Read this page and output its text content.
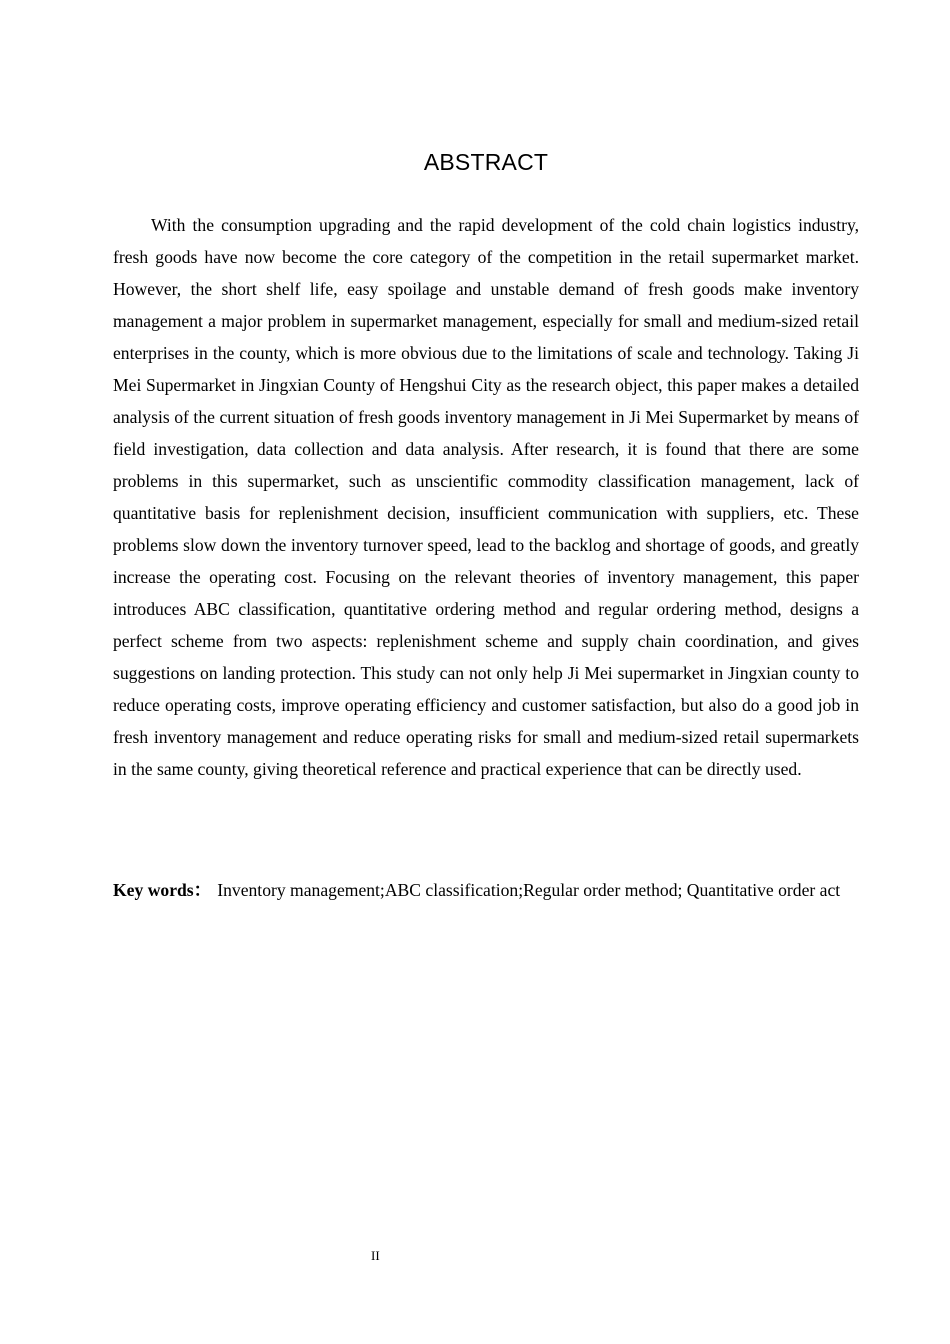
ABSTRACT

With the consumption upgrading and the rapid development of the cold chain logistics industry, fresh goods have now become the core category of the competition in the retail supermarket market. However, the short shelf life, easy spoilage and unstable demand of fresh goods make inventory management a major problem in supermarket management, especially for small and medium-sized retail enterprises in the county, which is more obvious due to the limitations of scale and technology. Taking Ji Mei Supermarket in Jingxian County of Hengshui City as the research object, this paper makes a detailed analysis of the current situation of fresh goods inventory management in Ji Mei Supermarket by means of field investigation, data collection and data analysis. After research, it is found that there are some problems in this supermarket, such as unscientific commodity classification management, lack of quantitative basis for replenishment decision, insufficient communication with suppliers, etc. These problems slow down the inventory turnover speed, lead to the backlog and shortage of goods, and greatly increase the operating cost. Focusing on the relevant theories of inventory management, this paper introduces ABC classification, quantitative ordering method and regular ordering method, designs a perfect scheme from two aspects: replenishment scheme and supply chain coordination, and gives suggestions on landing protection. This study can not only help Ji Mei supermarket in Jingxian county to reduce operating costs, improve operating efficiency and customer satisfaction, but also do a good job in fresh inventory management and reduce operating risks for small and medium-sized retail supermarkets in the same county, giving theoretical reference and practical experience that can be directly used.

Key words： Inventory management;ABC classification;Regular order method; Quantitative order act

II
